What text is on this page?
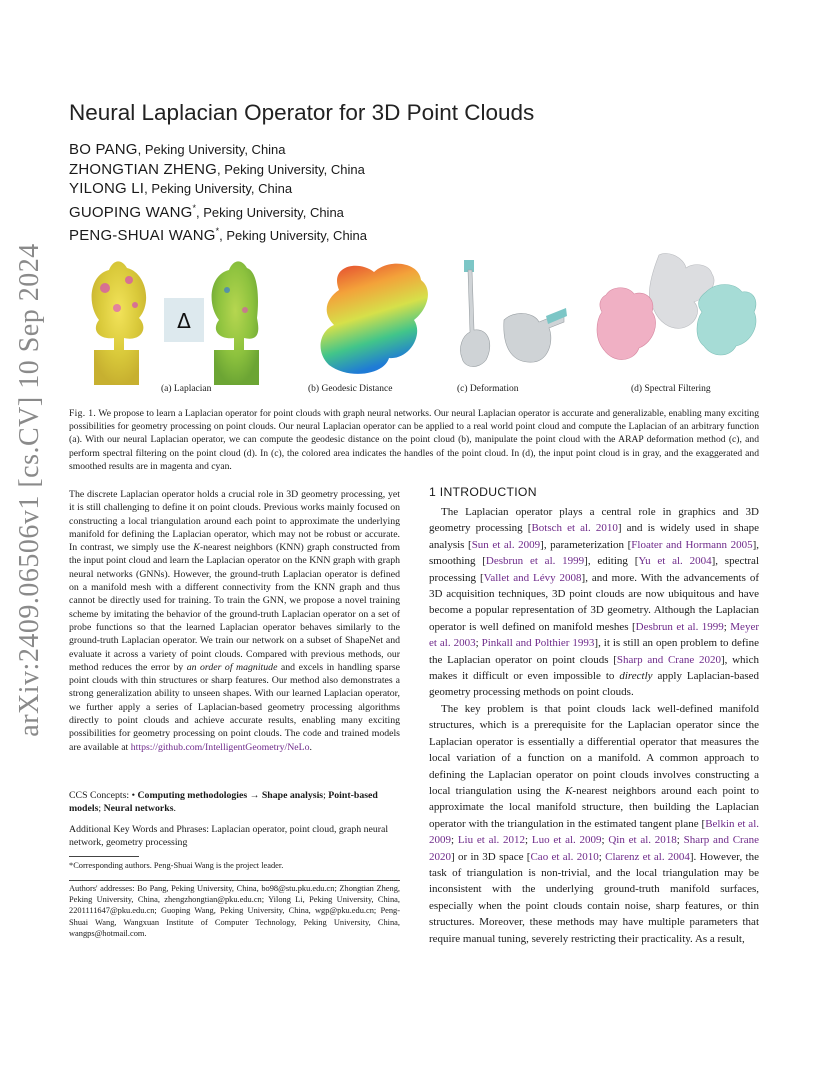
arXiv:2409.06506v1 [cs.CV] 10 Sep 2024
Neural Laplacian Operator for 3D Point Clouds
BO PANG, Peking University, China
ZHONGTIAN ZHENG, Peking University, China
YILONG LI, Peking University, China
GUOPING WANG*, Peking University, China
PENG-SHUAI WANG*, Peking University, China
Δ
(a) Laplacian	(b) Geodesic Distance	(c) Deformation	(d) Spectral Filtering
Fig. 1. We propose to learn a Laplacian operator for point clouds with graph neural networks. Our neural Laplacian operator is accurate and generalizable, enabling many exciting possibilities for geometry processing on point clouds. Our neural Laplacian operator can be applied to a real world point cloud and compute the Laplacian of an arbitrary function (a). With our neural Laplacian operator, we can compute the geodesic distance on the point cloud (b), manipulate the point cloud with the ARAP deformation method (c), and perform spectral filtering on the point cloud (d). In (c), the colored area indicates the handles of the point cloud. In (d), the input point cloud is in gray, and the exaggerated and smoothed results are in magenta and cyan.
The discrete Laplacian operator holds a crucial role in 3D geometry processing, yet it is still challenging to define it on point clouds. Previous works mainly focused on constructing a local triangulation around each point to approximate the underlying manifold for defining the Laplacian operator, which may not be robust or accurate. In contrast, we simply use the K-nearest neighbors (KNN) graph constructed from the input point cloud and learn the Laplacian operator on the KNN graph with graph neural networks (GNNs). However, the ground-truth Laplacian operator is defined on a manifold mesh with a different connectivity from the KNN graph and thus cannot be directly used for training. To train the GNN, we propose a novel training scheme by imitating the behavior of the ground-truth Laplacian operator on a set of probe functions so that the learned Laplacian operator behaves similarly to the ground-truth Laplacian operator. We train our network on a subset of ShapeNet and evaluate it across a variety of point clouds. Compared with previous methods, our method reduces the error by an order of magnitude and excels in handling sparse point clouds with thin structures or sharp features. Our method also demonstrates a strong generalization ability to unseen shapes. With our learned Laplacian operator, we further apply a series of Laplacian-based geometry processing algorithms directly to point clouds and achieve accurate results, enabling many exciting possibilities for geometry processing on point clouds. The code and trained models are available at https://github.com/IntelligentGeometry/NeLo.
CCS Concepts: • Computing methodologies → Shape analysis; Point-based models; Neural networks.
Additional Key Words and Phrases: Laplacian operator, point cloud, graph neural network, geometry processing
*Corresponding authors. Peng-Shuai Wang is the project leader.
Authors' addresses: Bo Pang, Peking University, China, bo98@stu.pku.edu.cn; Zhongtian Zheng, Peking University, China, zhengzhongtian@pku.edu.cn; Yilong Li, Peking University, China, 2201111647@pku.edu.cn; Guoping Wang, Peking University, China, wgp@pku.edu.cn; Peng-Shuai Wang, Wangxuan Institute of Computer Technology, Peking University, China, wangps@hotmail.com.
1 INTRODUCTION

The Laplacian operator plays a central role in graphics and 3D geometry processing [Botsch et al. 2010] and is widely used in shape analysis [Sun et al. 2009], parameterization [Floater and Hormann 2005], smoothing [Desbrun et al. 1999], editing [Yu et al. 2004], spectral processing [Vallet and Lévy 2008], and more. With the advancements of 3D acquisition techniques, 3D point clouds are now ubiquitous and have become a popular representation of 3D geometry. Although the Laplacian operator is well defined on manifold meshes [Desbrun et al. 1999; Meyer et al. 2003; Pinkall and Polthier 1993], it is still an open problem to define the Laplacian operator on point clouds [Sharp and Crane 2020], which makes it difficult or even impossible to directly apply Laplacian-based geometry processing methods on point clouds.

The key problem is that point clouds lack well-defined manifold structures, which is a prerequisite for the Laplacian operator since the Laplacian operator is essentially a differential operator that measures the local variation of a function on a manifold. A common approach to defining the Laplacian operator on point clouds involves constructing a local triangulation using the K-nearest neighbors around each point to approximate the local manifold structure, then building the Laplacian operator with the triangulation in the estimated tangent plane [Belkin et al. 2009; Liu et al. 2012; Luo et al. 2009; Qin et al. 2018; Sharp and Crane 2020] or in 3D space [Cao et al. 2010; Clarenz et al. 2004]. However, the task of triangulation is non-trivial, and the local triangulation may be inconsistent with the underlying ground-truth manifold surfaces, especially when the point clouds contain noise, sharp features, or thin structures. Moreover, these methods may have multiple parameters that require manual tuning, severely restricting their practicality. As a result,
